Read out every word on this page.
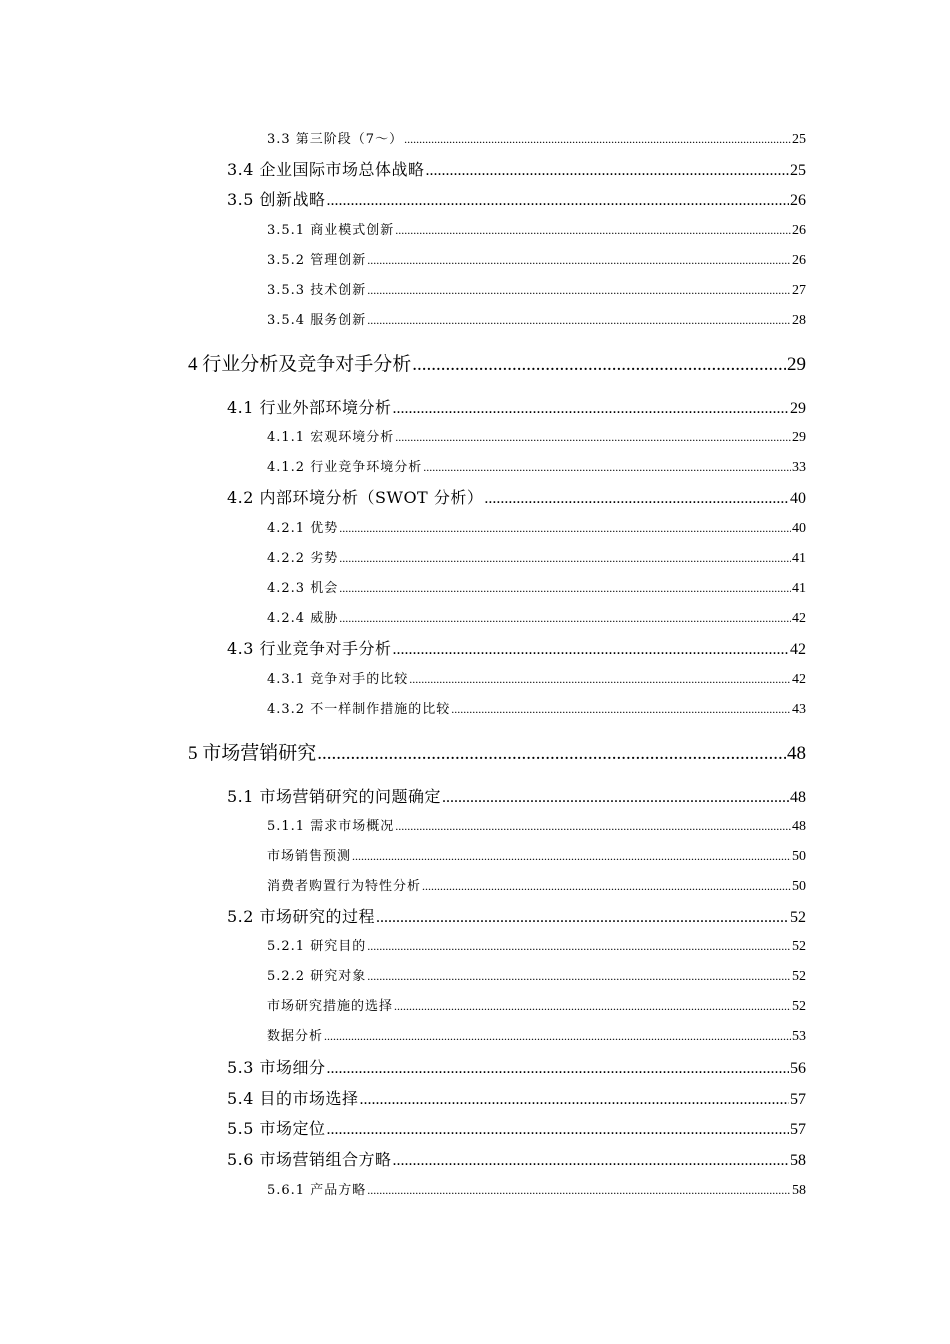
3.3 第三阶段（7～） .....	25
3.4 企业国际市场总体战略 .....	25
3.5 创新战略 .....	26
3.5.1 商业模式创新 .....	26
3.5.2 管理创新 .....	26
3.5.3 技术创新 .....	27
3.5.4 服务创新 .....	28
4 行业分析及竞争对手分析 .....	29
4.1 行业外部环境分析 .....	29
4.1.1 宏观环境分析 .....	29
4.1.2 行业竞争环境分析 .....	33
4.2 内部环境分析（SWOT 分析） .....	40
4.2.1 优势 .....	40
4.2.2 劣势 .....	41
4.2.3 机会 .....	41
4.2.4 威胁 .....	42
4.3 行业竞争对手分析 .....	42
4.3.1 竞争对手的比较 .....	42
4.3.2 不一样制作措施的比较 .....	43
5 市场营销研究 .....	48
5.1 市场营销研究的问题确定 .....	48
5.1.1 需求市场概况 .....	48
市场销售预测 .....	50
消费者购置行为特性分析 .....	50
5.2 市场研究的过程 .....	52
5.2.1 研究目的 .....	52
5.2.2 研究对象 .....	52
市场研究措施的选择 .....	52
数据分析 .....	53
5.3 市场细分 .....	56
5.4 目的市场选择 .....	57
5.5 市场定位 .....	57
5.6 市场营销组合方略 .....	58
5.6.1 产品方略 .....	58
